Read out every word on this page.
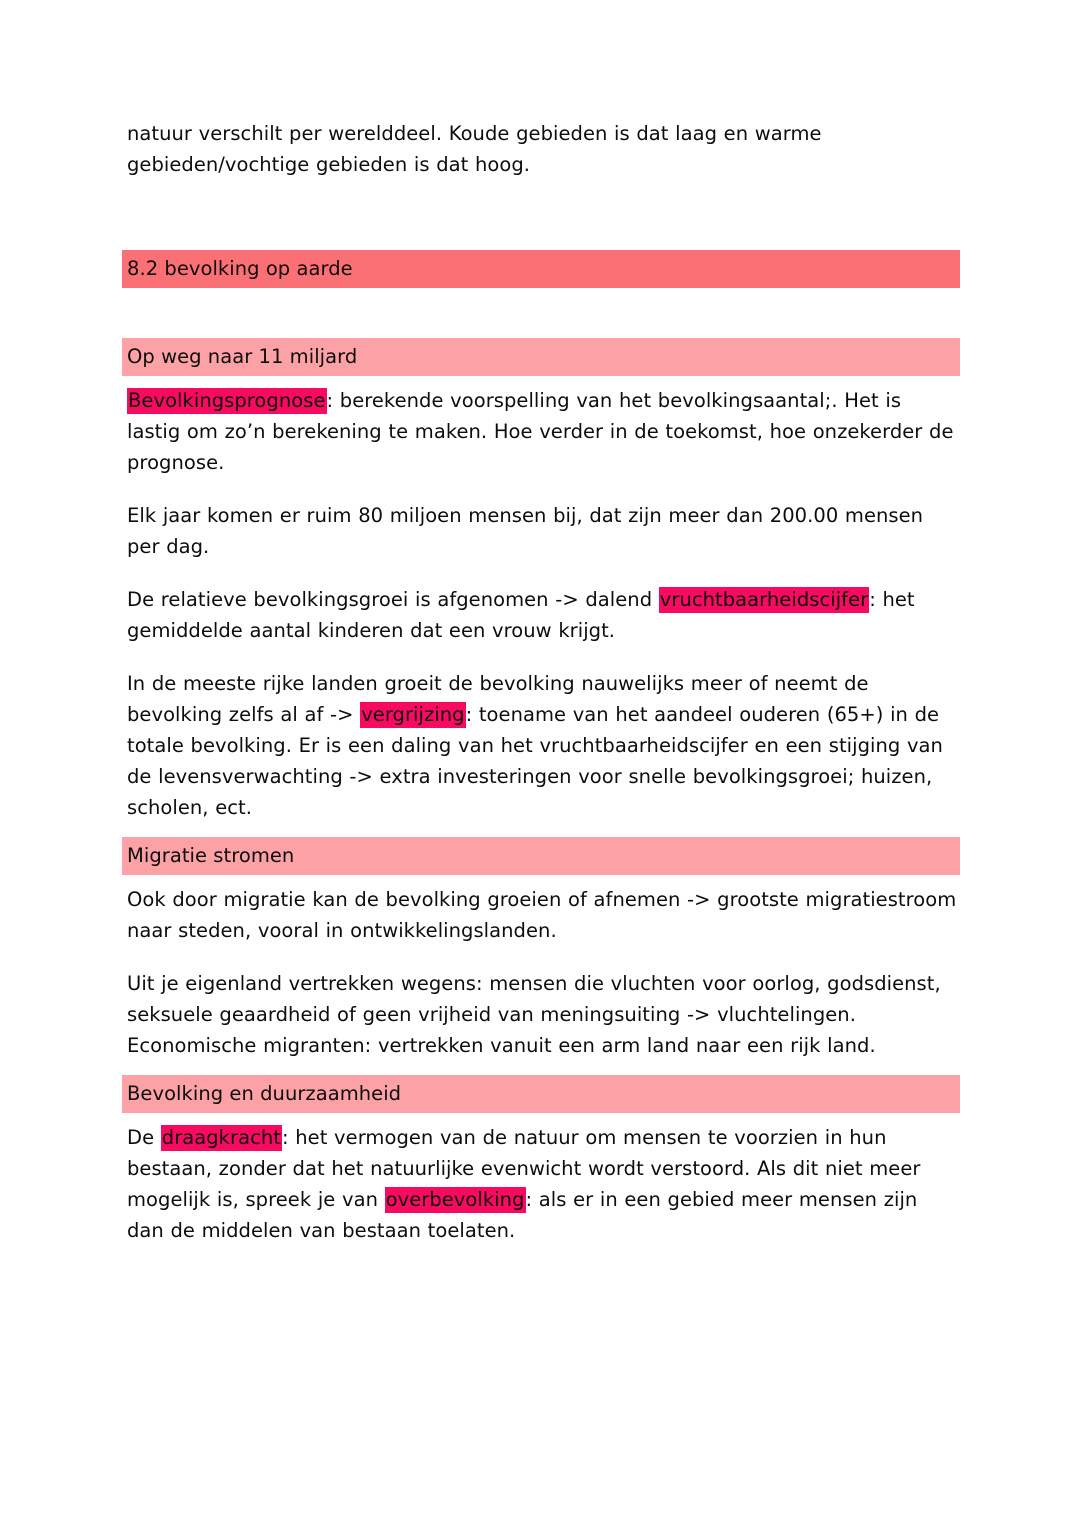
natuur verschilt per werelddeel. Koude gebieden is dat laag en warme gebieden/vochtige gebieden is dat hoog.

8.2 bevolking op aarde
Op weg naar 11 miljard

Bevolkingsprognose: berekende voorspelling van het bevolkingsaantal;. Het is lastig om zo’n berekening te maken. Hoe verder in de toekomst, hoe onzekerder de prognose.

Elk jaar komen er ruim 80 miljoen mensen bij, dat zijn meer dan 200.00 mensen per dag.

De relatieve bevolkingsgroei is afgenomen -> dalend vruchtbaarheidscijfer: het gemiddelde aantal kinderen dat een vrouw krijgt.

In de meeste rijke landen groeit de bevolking nauwelijks meer of neemt de bevolking zelfs al af -> vergrijzing: toename van het aandeel ouderen (65+) in de totale bevolking. Er is een daling van het vruchtbaarheidscijfer en een stijging van de levensverwachting -> extra investeringen voor snelle bevolkingsgroei; huizen, scholen, ect.

Migratie stromen

Ook door migratie kan de bevolking groeien of afnemen -> grootste migratiestroom naar steden, vooral in ontwikkelingslanden.

Uit je eigenland vertrekken wegens: mensen die vluchten voor oorlog, godsdienst, seksuele geaardheid of geen vrijheid van meningsuiting -> vluchtelingen. Economische migranten: vertrekken vanuit een arm land naar een rijk land.

Bevolking en duurzaamheid

De draagkracht: het vermogen van de natuur om mensen te voorzien in hun bestaan, zonder dat het natuurlijke evenwicht wordt verstoord. Als dit niet meer mogelijk is, spreek je van overbevolking: als er in een gebied meer mensen zijn dan de middelen van bestaan toelaten.
